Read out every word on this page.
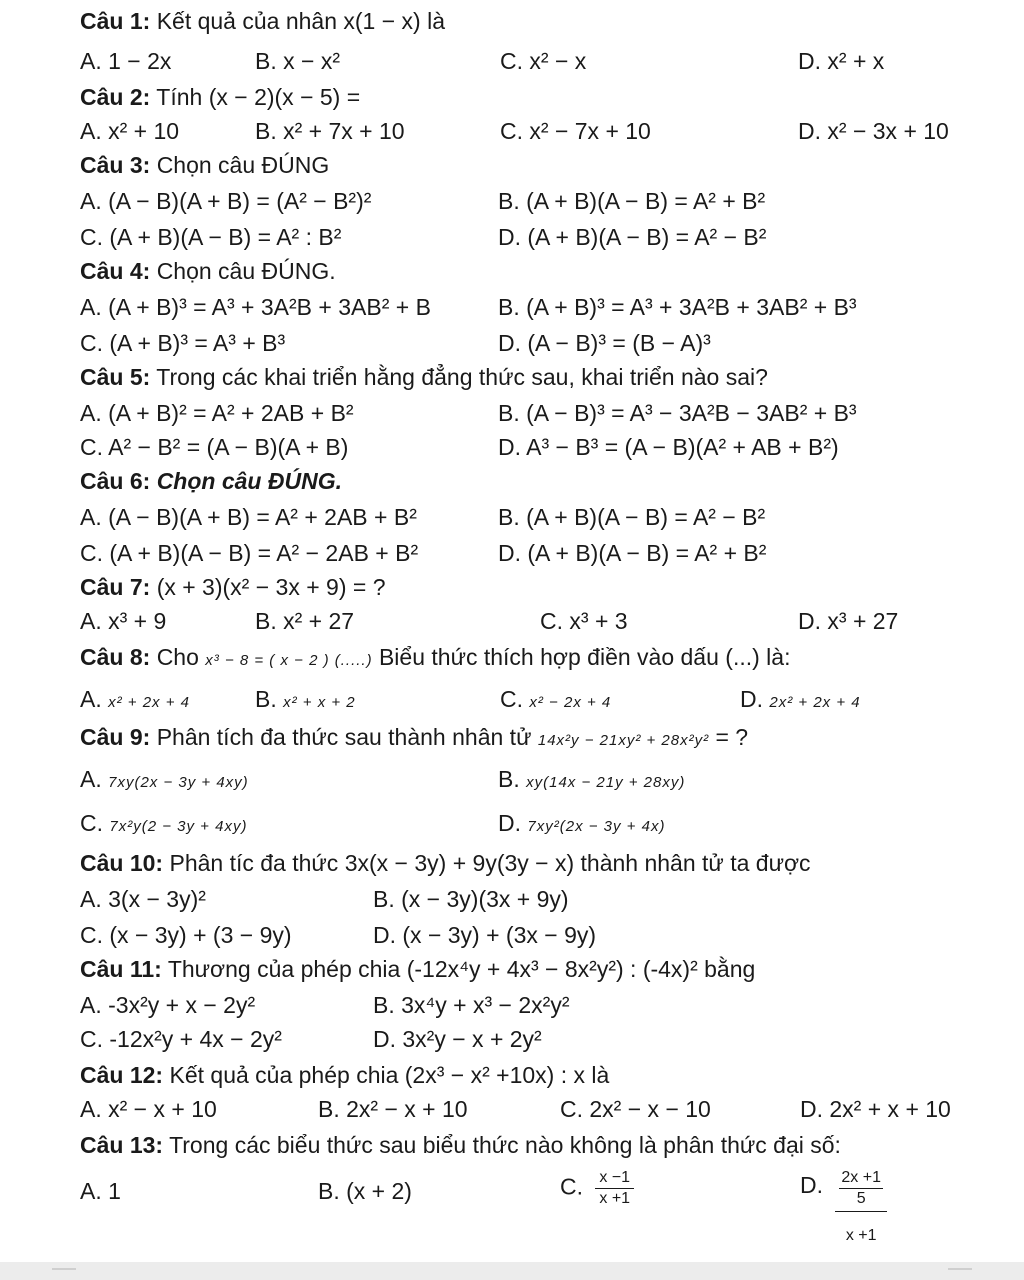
Câu 1: Kết quả của nhân x(1 − x) là
A. 1 − 2x	B. x − x²	C. x² − x	D. x² + x
Câu 2: Tính (x − 2)(x − 5) =
A. x² + 10	B. x² + 7x + 10	C. x² − 7x + 10	D. x² − 3x + 10
Câu 3: Chọn câu ĐÚNG
A. (A − B)(A + B) = (A² − B²)²	B. (A + B)(A − B) = A² + B²
C. (A + B)(A − B) = A² : B²	D. (A + B)(A − B) = A² − B²
Câu 4: Chọn câu ĐÚNG.
A. (A + B)³ = A³ + 3A²B + 3AB² + B	B. (A + B)³ = A³ + 3A²B + 3AB² + B³
C. (A + B)³ = A³ + B³	D. (A − B)³ = (B − A)³
Câu 5: Trong các khai triển hằng đẳng thức sau, khai triển nào sai?
A. (A + B)² = A² + 2AB + B²	B. (A − B)³ = A³ − 3A²B − 3AB² + B³
C. A² − B² = (A − B)(A + B)	D. A³ − B³ = (A − B)(A² + AB + B²)
Câu 6: Chọn câu ĐÚNG.
A. (A − B)(A + B) = A² + 2AB + B²	B. (A + B)(A − B) = A² − B²
C. (A + B)(A − B) = A² − 2AB + B²	D. (A + B)(A − B) = A² + B²
Câu 7: (x + 3)(x² − 3x + 9) = ?
A. x³ + 9	B. x² + 27	C. x³ + 3	D. x³ + 27
Câu 8: Cho x³ − 8 = ( x − 2 ) (.....) Biểu thức thích hợp điền vào dấu (...) là:
A. x² + 2x + 4	B. x² + x + 2	C. x² − 2x + 4	D. 2x² + 2x + 4
Câu 9: Phân tích đa thức sau thành nhân tử 14x²y − 21xy² + 28x²y² = ?
A. 7xy(2x − 3y + 4xy)	B. xy(14x − 21y + 28xy)
C. 7x²y(2 − 3y + 4xy)	D. 7xy²(2x − 3y + 4x)
Câu 10: Phân tíc đa thức 3x(x − 3y) + 9y(3y − x) thành nhân tử ta được
A. 3(x − 3y)²	B. (x − 3y)(3x + 9y)
C. (x − 3y) + (3 − 9y)	D. (x − 3y) + (3x − 9y)
Câu 11: Thương của phép chia (-12x⁴y + 4x³ − 8x²y²) : (-4x)² bằng
A. -3x²y + x − 2y²	B. 3x⁴y + x³ − 2x²y²
C. -12x²y + 4x − 2y²	D. 3x²y − x + 2y²
Câu 12: Kết quả của phép chia (2x³ − x² +10x) : x là
A. x² − x + 10	B. 2x² − x + 10	C. 2x² − x − 10	D. 2x² + x + 10
Câu 13: Trong các biểu thức sau biểu thức nào không là phân thức đại số:
A. 1	B. (x + 2)	C. $\frac{x -1}{x +1}$	D. $\frac{\frac{2x +1}{5}}{x +1}$
